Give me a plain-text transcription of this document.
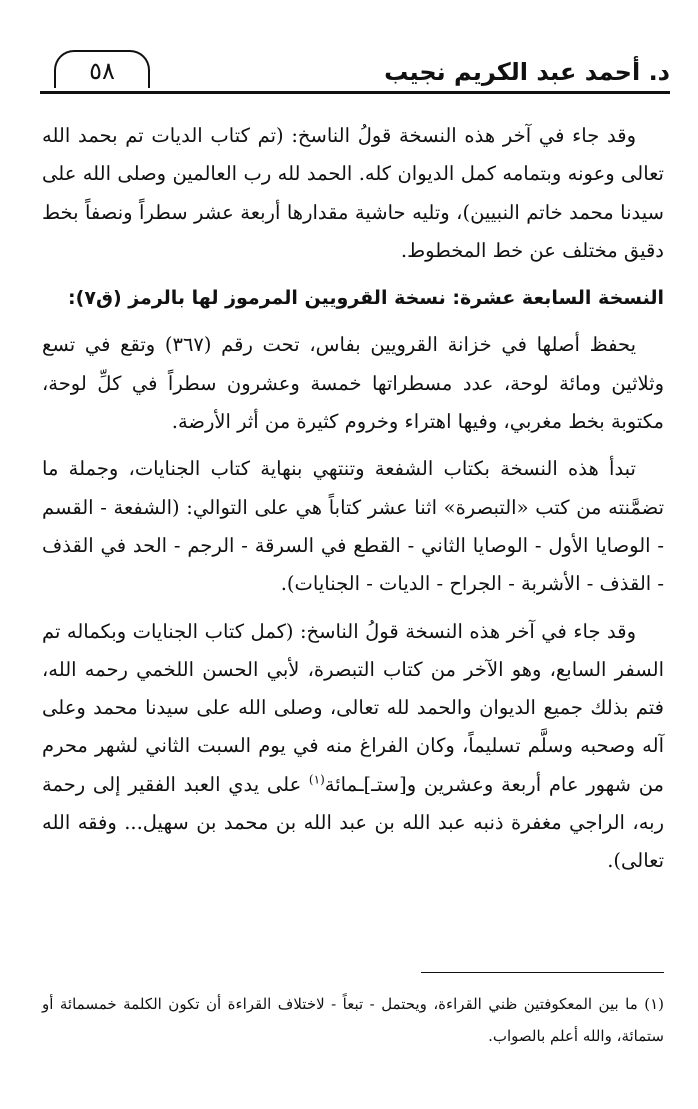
د. أحمد عبد الكريم نجيب
٥٨

وقد جاء في آخر هذه النسخة قولُ الناسخ: (تم كتاب الديات تم بحمد الله تعالى وعونه وبتمامه كمل الديوان كله. الحمد لله رب العالمين وصلى الله على سيدنا محمد خاتم النبيين)، وتليه حاشية مقدارها أربعة عشر سطراً ونصفاً بخط دقيق مختلف عن خط المخطوط.

النسخة السابعة عشرة: نسخة القرويين المرموز لها بالرمز (ق٧):

يحفظ أصلها في خزانة القرويين بفاس، تحت رقم (٣٦٧) وتقع في تسع وثلاثين ومائة لوحة، عدد مسطراتها خمسة وعشرون سطراً في كلِّ لوحة، مكتوبة بخط مغربي، وفيها اهتراء وخروم كثيرة من أثر الأرضة.

تبدأ هذه النسخة بكتاب الشفعة وتنتهي بنهاية كتاب الجنايات، وجملة ما تضمَّنته من كتب «التبصرة» اثنا عشر كتاباً هي على التوالي: (الشفعة - القسم - الوصايا الأول - الوصايا الثاني - القطع في السرقة - الرجم - الحد في القذف - القذف - الأشربة - الجراح - الديات - الجنايات).

وقد جاء في آخر هذه النسخة قولُ الناسخ: (كمل كتاب الجنايات وبكماله تم السفر السابع، وهو الآخر من كتاب التبصرة، لأبي الحسن اللخمي رحمه الله، فتم بذلك جميع الديوان والحمد لله تعالى، وصلى الله على سيدنا محمد وعلى آله وصحبه وسلَّم تسليماً، وكان الفراغ منه في يوم السبت الثاني لشهر محرم من شهور عام أربعة وعشرين و[ستـ]ـمائة$^{(١)}$ على يدي العبد الفقير إلى رحمة ربه، الراجي مغفرة ذنبه عبد الله بن عبد الله بن محمد بن سهيل... وفقه الله تعالى).

(١) ما بين المعكوفتين ظني القراءة، ويحتمل - تبعاً - لاختلاف القراءة أن تكون الكلمة خمسمائة أو ستمائة، والله أعلم بالصواب.
